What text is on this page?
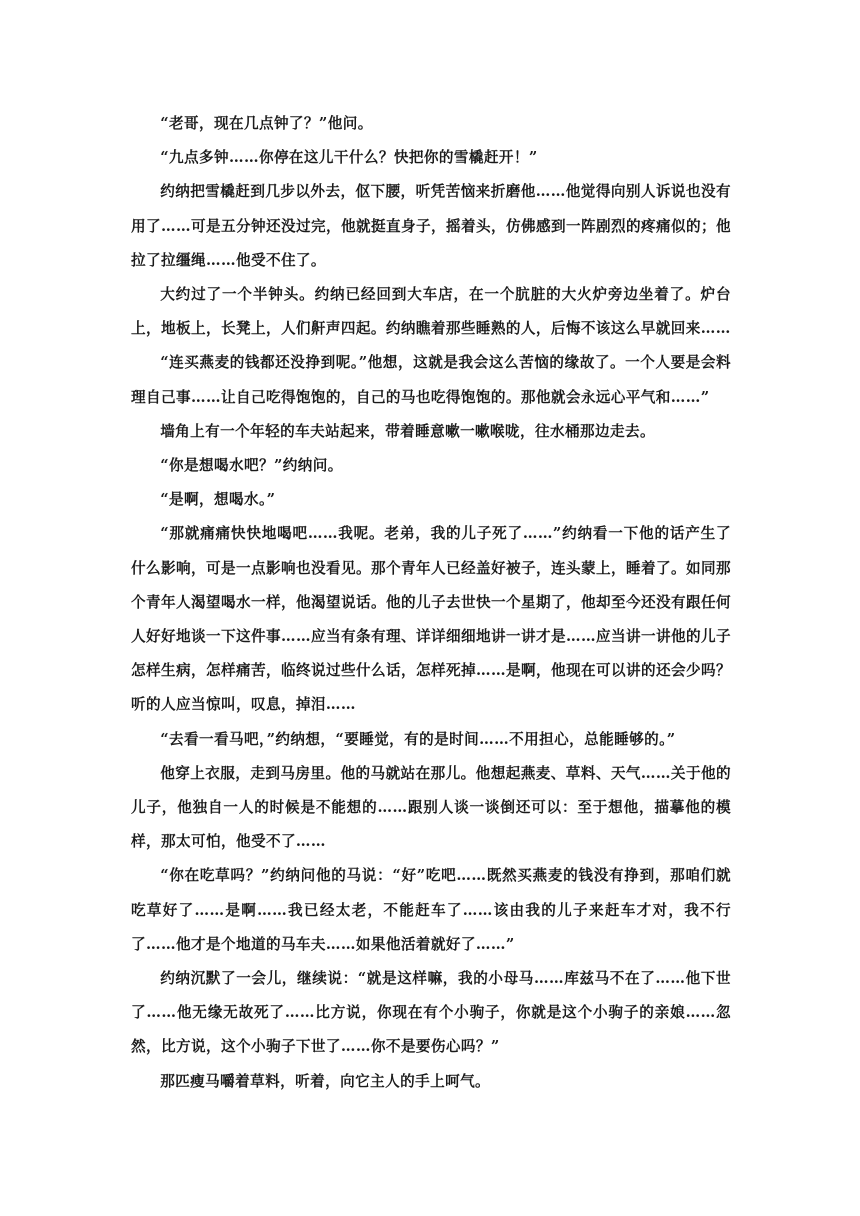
“老哥，现在几点钟了？”他问。

“九点多钟……你停在这儿干什么？快把你的雪橇赶开！”

约纳把雪橇赶到几步以外去，伛下腰，听凭苦恼来折磨他……他觉得向别人诉说也没有用了……可是五分钟还没过完，他就挺直身子，摇着头，仿佛感到一阵剧烈的疼痛似的；他拉了拉缰绳……他受不住了。

大约过了一个半钟头。约纳已经回到大车店，在一个肮脏的大火炉旁边坐着了。炉台上，地板上，长凳上，人们鼾声四起。约纳瞧着那些睡熟的人，后悔不该这么早就回来……

“连买燕麦的钱都还没挣到呢。”他想，这就是我会这么苦恼的缘故了。一个人要是会料理自己事……让自己吃得饱饱的，自己的马也吃得饱饱的。那他就会永远心平气和……”

墙角上有一个年轻的车夫站起来，带着睡意嗽一嗽喉咙，往水桶那边走去。

“你是想喝水吧？”约纳问。

“是啊，想喝水。”

“那就痛痛快快地喝吧……我呢。老弟，我的儿子死了……”约纳看一下他的话产生了什么影响，可是一点影响也没看见。那个青年人已经盖好被子，连头蒙上，睡着了。如同那个青年人渴望喝水一样，他渴望说话。他的儿子去世快一个星期了，他却至今还没有跟任何人好好地谈一下这件事……应当有条有理、详详细细地讲一讲才是……应当讲一讲他的儿子怎样生病，怎样痛苦，临终说过些什么话，怎样死掉……是啊，他现在可以讲的还会少吗？听的人应当惊叫，叹息，掉泪……

“去看一看马吧，”约纳想，“要睡觉，有的是时间……不用担心，总能睡够的。”

他穿上衣服，走到马房里。他的马就站在那儿。他想起燕麦、草料、天气……关于他的儿子，他独自一人的时候是不能想的……跟别人谈一谈倒还可以：至于想他，描摹他的模样，那太可怕，他受不了……

“你在吃草吗？”约纳问他的马说：“好”吃吧……既然买燕麦的钱没有挣到，那咱们就吃草好了……是啊……我已经太老，不能赶车了……该由我的儿子来赶车才对，我不行了……他才是个地道的马车夫……如果他活着就好了……”

约纳沉默了一会儿，继续说：“就是这样嘛，我的小母马……库兹马不在了……他下世了……他无缘无故死了……比方说，你现在有个小驹子，你就是这个小驹子的亲娘……忽然，比方说，这个小驹子下世了……你不是要伤心吗？”

那匹瘦马嚼着草料，听着，向它主人的手上呵气。
